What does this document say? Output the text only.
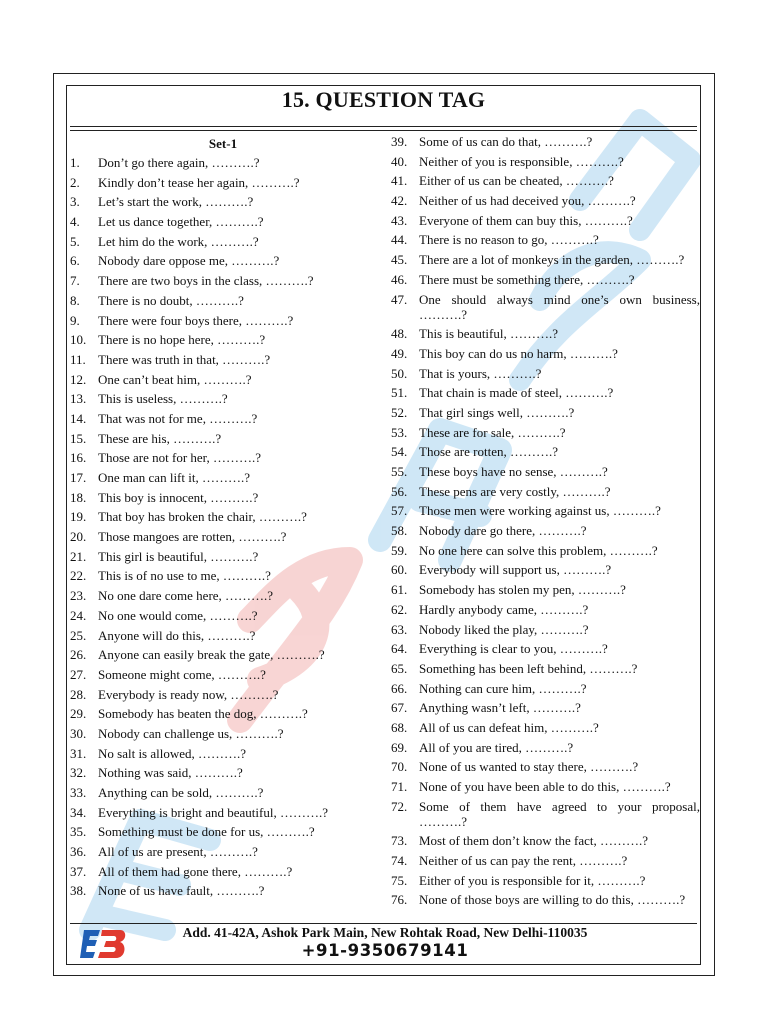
15. QUESTION TAG
Set-1
1.	Don’t go there again, ……….?
2.	Kindly don’t tease her again, ……….?
3.	Let’s start the work, ……….?
4.	Let us dance together, ……….?
5.	Let him do the work, ……….?
6.	Nobody dare oppose me, ……….?
7.	There are two boys in the class, ……….?
8.	There is no doubt, ……….?
9.	There were four boys there, ……….?
10. There is no hope here, ……….?
11. There was truth in that, ……….?
12. One can’t beat him, ……….?
13. This is useless, ……….?
14. That was not for me, ……….?
15. These are his, ……….?
16. Those are not for her, ……….?
17. One man can lift it, ……….?
18. This boy is innocent, ……….?
19. That boy has broken the chair, ……….?
20. Those mangoes are rotten, ……….?
21. This girl is beautiful, ……….?
22. This is of no use to me, ……….?
23. No one dare come here, ……….?
24. No one would come, ……….?
25. Anyone will do this, ……….?
26. Anyone can easily break the gate, ……….?
27. Someone might come, ……….?
28. Everybody is ready now, ……….?
29. Somebody has beaten the dog, ……….?
30. Nobody can challenge us, ……….?
31. No salt is allowed, ……….?
32. Nothing was said, ……….?
33. Anything can be sold, ……….?
34. Everything is bright and beautiful, ……….?
35. Something must be done for us, ……….?
36. All of us are present, ……….?
37. All of them had gone there, ……….?
38. None of us have fault, ……….?
39. Some of us can do that, ……….?
40. Neither of you is responsible, ……….?
41. Either of us can be cheated, ……….?
42. Neither of us had deceived you, ……….?
43. Everyone of them can buy this, ……….?
44. There is no reason to go, ……….?
45. There are a lot of monkeys in the garden, ……….?
46. There must be something there, ……….?
47. One should always mind one’s own business, ……….?
48. This is beautiful, ……….?
49. This boy can do us no harm, ……….?
50. That is yours, ……….?
51. That chain is made of steel, ……….?
52. That girl sings well, ……….?
53. These are for sale, ……….?
54. Those are rotten, ……….?
55. These boys have no sense, ……….?
56. These pens are very costly, ……….?
57. Those men were working against us, ……….?
58. Nobody dare go there, ……….?
59. No one here can solve this problem, ……….?
60. Everybody will support us, ……….?
61. Somebody has stolen my pen, ……….?
62. Hardly anybody came, ……….?
63. Nobody liked the play, ……….?
64. Everything is clear to you, ……….?
65. Something has been left behind, ……….?
66. Nothing can cure him, ……….?
67. Anything wasn’t left, ……….?
68. All of us can defeat him, ……….?
69. All of you are tired, ……….?
70. None of us wanted to stay there, ……….?
71. None of you have been able to do this, ……….?
72. Some of them have agreed to your proposal, ……….?
73. Most of them don’t know the fact, ……….?
74. Neither of us can pay the rent, ……….?
75. Either of you is responsible for it, ……….?
76. None of those boys are willing to do this, ……….?
Add. 41-42A, Ashok Park Main, New Rohtak Road, New Delhi-110035
+91-9350679141
